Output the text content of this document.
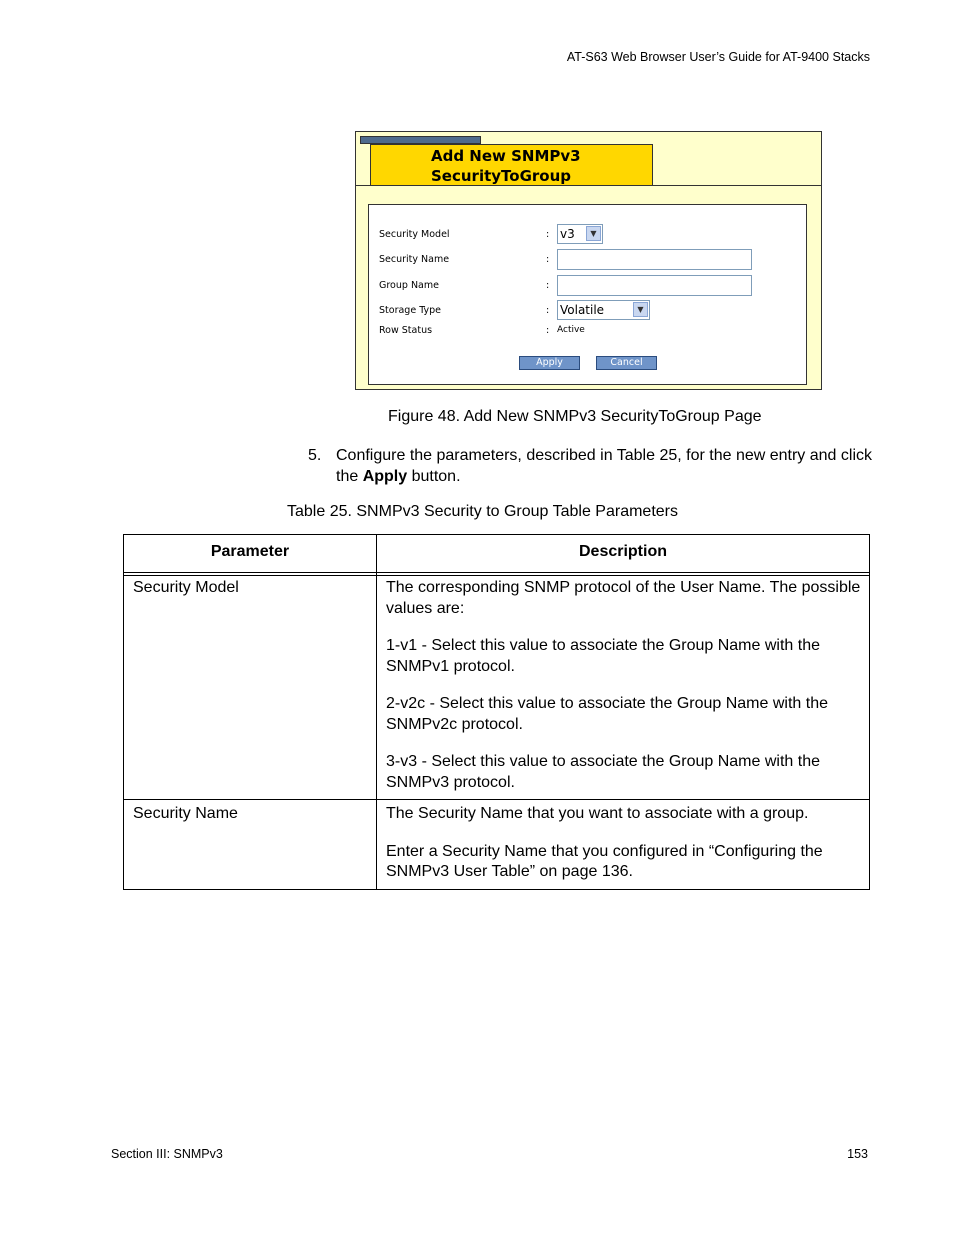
AT-S63 Web Browser User’s Guide for AT-9400 Stacks
Add New SNMPv3
SecurityToGroup
Security Model	: v3	▼
Security Name	:
Group Name	:
Storage Type	: Volatile	▼
Row Status	: Active
Apply	Cancel
Figure 48. Add New SNMPv3 SecurityToGroup Page
5. Configure the parameters, described in Table 25, for the new entry and click the Apply button.
Table 25. SNMPv3 Security to Group Table Parameters
Parameter	Description
Security Model	The corresponding SNMP protocol of the User Name. The possible values are:

1-v1 - Select this value to associate the Group Name with the SNMPv1 protocol.

2-v2c - Select this value to associate the Group Name with the SNMPv2c protocol.

3-v3 - Select this value to associate the Group Name with the SNMPv3 protocol.

Security Name	The Security Name that you want to associate with a group.

Enter a Security Name that you configured in “Configuring the SNMPv3 User Table” on page 136.

Section III: SNMPv3	153
